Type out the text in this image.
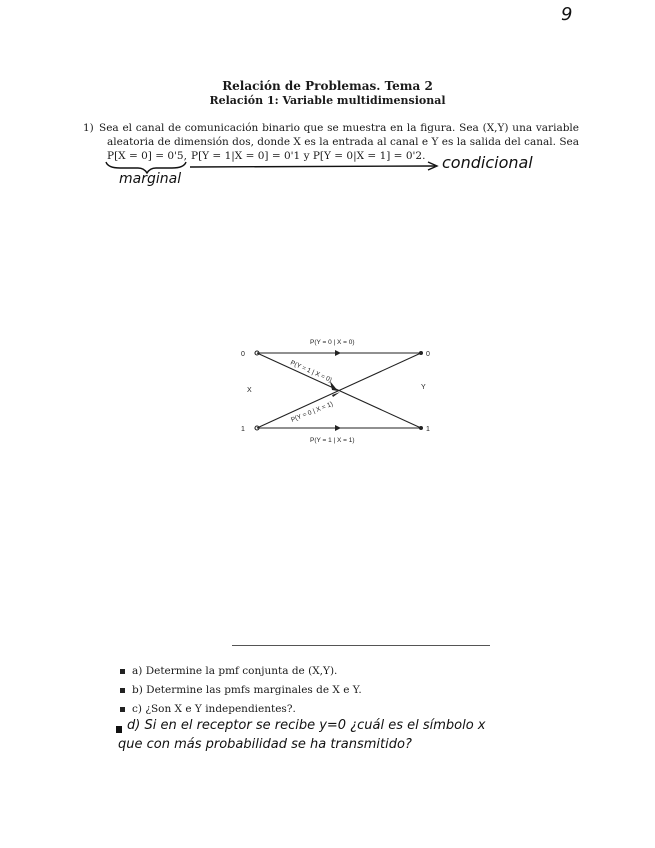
9
Relación de Problemas. Tema 2
Relación 1: Variable multidimensional
1) Sea el canal de comunicación binario que se muestra en la figura. Sea (X,Y) una variable
aleatoria de dimensión dos, donde X es la entrada al canal e Y es la salida del canal. Sea
P[X = 0] = 0'5, P[Y = 1|X = 0] = 0'1 y P[Y = 0|X = 1] = 0'2.
marginal
condicional
0
1
0
1
X	Y
P(Y = 0 | X = 0)
P(Y = 1 | X = 1)
P(Y = 1 | X = 0)
P(Y = 0 | X = 1)
a) Determine la pmf conjunta de (X,Y).
b) Determine las pmfs marginales de X e Y.
c) ¿Son X e Y independientes?.
d) Si en el receptor se recibe y=0 ¿cuál es el símbolo x
que con más probabilidad se ha transmitido?
